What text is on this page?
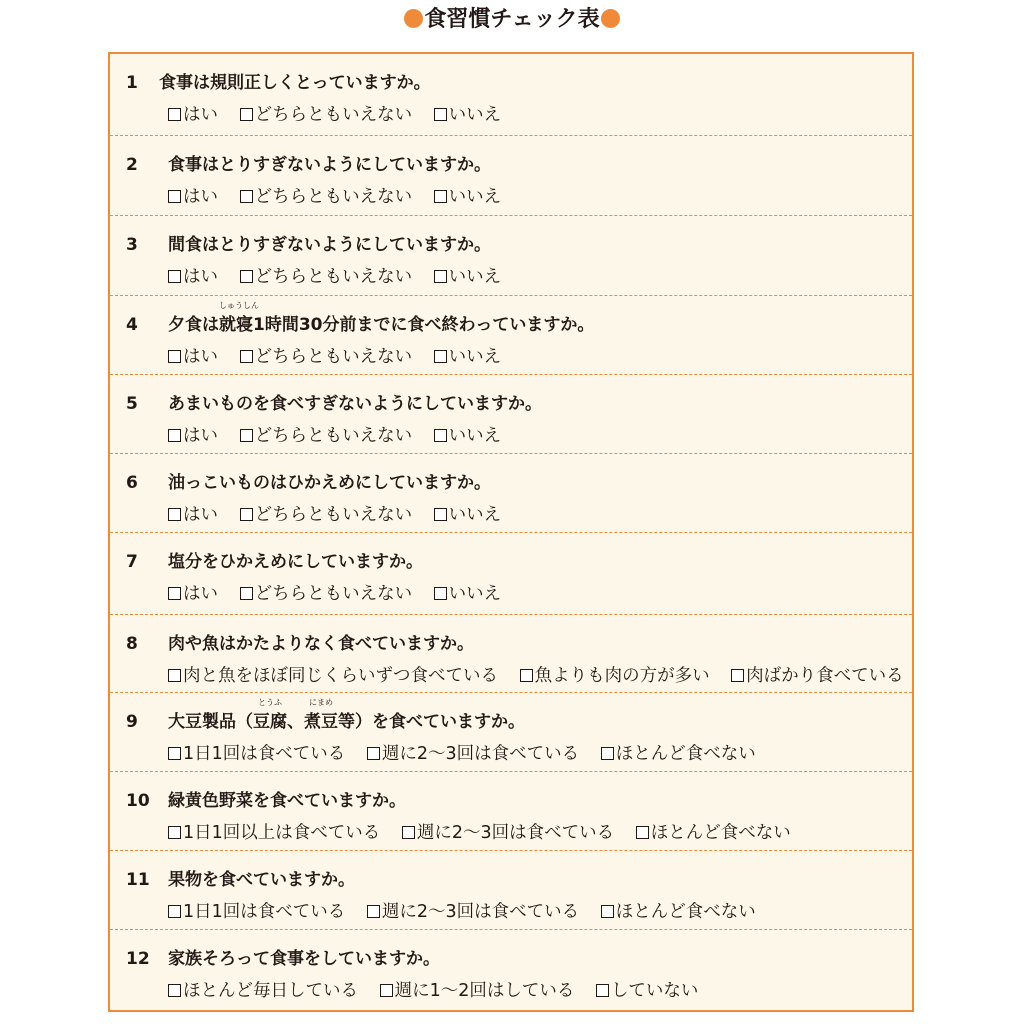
食習慣チェック表
1	食事は規則正しくとっていますか。
はい どちらともいえない いいえ
2	食事はとりすぎないようにしていますか。
はい どちらともいえない いいえ
3	間食はとりすぎないようにしていますか。
はい どちらともいえない いいえ
4	夕食は
しゅうしん
就寝1時間30分前までに食べ終わっていますか。
はい どちらともいえない いいえ
5	あまいものを食べすぎないようにしていますか。
はい どちらともいえない いいえ
6	油っこいものはひかえめにしていますか。
はい どちらともいえない いいえ
7	塩分をひかえめにしていますか。
はい どちらともいえない いいえ
8	肉や魚はかたよりなく食べていますか。
肉と魚をほぼ同じくらいずつ食べている 魚よりも肉の方が多い 肉ばかり食べている
9	大豆製品（
とうふ
豆腐、
にまめ
煮豆等）を食べていますか。
1日1回は食べている 週に2〜3回は食べている ほとんど食べない
10 緑黄色野菜を食べていますか。
1日1回以上は食べている 週に2〜3回は食べている ほとんど食べない
11 果物を食べていますか。
1日1回は食べている 週に2〜3回は食べている ほとんど食べない
12 家族そろって食事をしていますか。
ほとんど毎日している 週に1〜2回はしている していない
